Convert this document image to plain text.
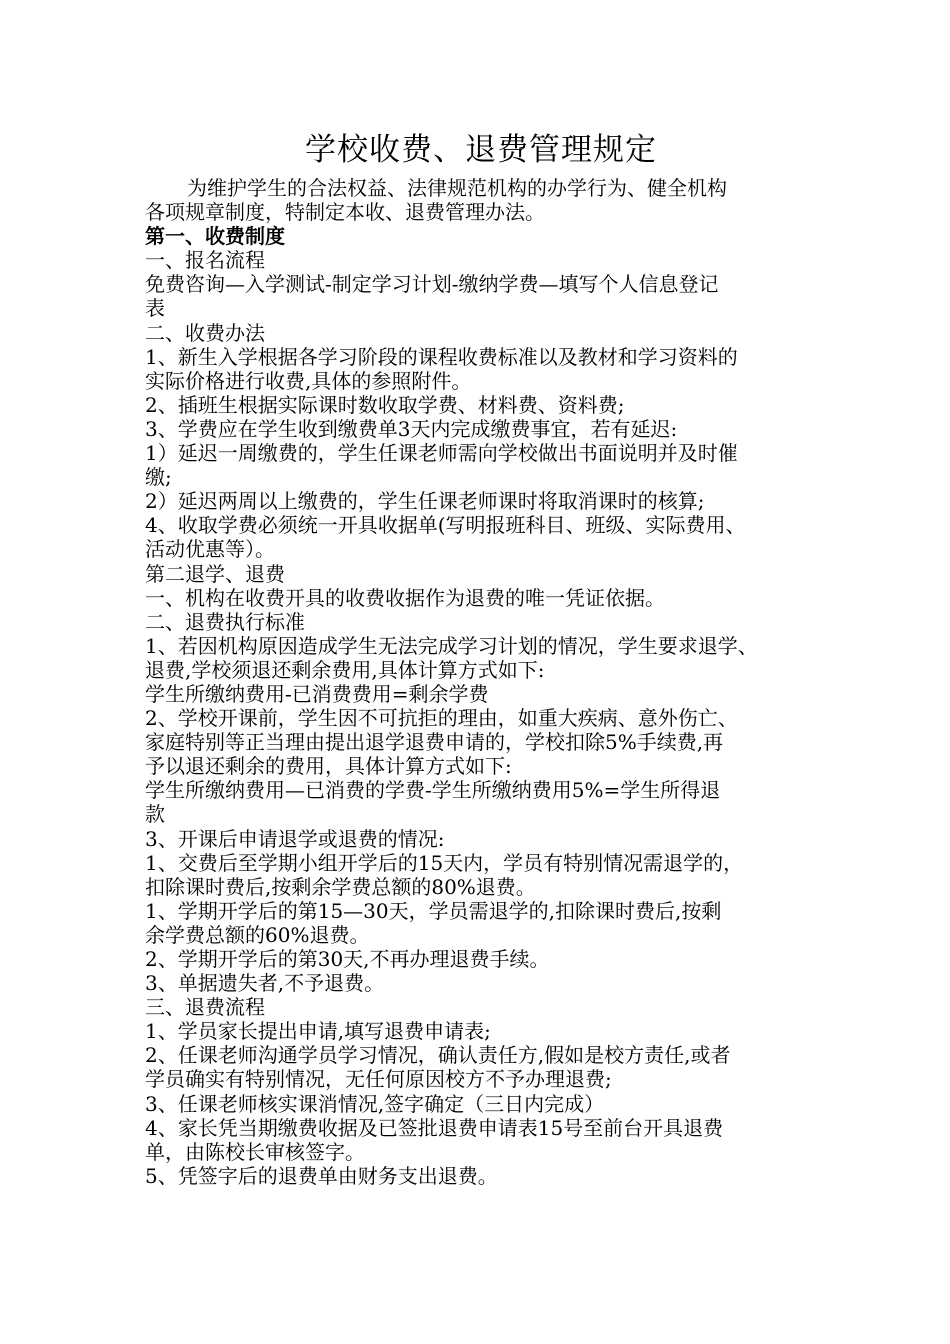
学校收费、退费管理规定

为维护学生的合法权益、法律规范机构的办学行为、健全机构

各项规章制度，特制定本收、退费管理办法。

第一、收费制度

一、报名流程

免费咨询—入学测试-制定学习计划-缴纳学费—填写个人信息登记

表

二、收费办法

1、新生入学根据各学习阶段的课程收费标准以及教材和学习资料的

实际价格进行收费,具体的参照附件。

2、插班生根据实际课时数收取学费、材料费、资料费;

3、学费应在学生收到缴费单3天内完成缴费事宜，若有延迟:

1）延迟一周缴费的，学生任课老师需向学校做出书面说明并及时催

缴;

2）延迟两周以上缴费的，学生任课老师课时将取消课时的核算;

4、收取学费必须统一开具收据单(写明报班科目、班级、实际费用、

活动优惠等）。

第二退学、退费

一、机构在收费开具的收费收据作为退费的唯一凭证依据。

二、退费执行标准

1、若因机构原因造成学生无法完成学习计划的情况，学生要求退学、

退费,学校须退还剩余费用,具体计算方式如下:

学生所缴纳费用-已消费费用=剩余学费

2、学校开课前，学生因不可抗拒的理由，如重大疾病、意外伤亡、

家庭特别等正当理由提出退学退费申请的，学校扣除5%手续费,再

予以退还剩余的费用，具体计算方式如下:

学生所缴纳费用—已消费的学费-学生所缴纳费用5%=学生所得退

款

3、开课后申请退学或退费的情况:

1、交费后至学期小组开学后的15天内，学员有特别情况需退学的，

扣除课时费后,按剩余学费总额的80%退费。

1、学期开学后的第15—30天，学员需退学的,扣除课时费后,按剩

余学费总额的60%退费。

2、学期开学后的第30天,不再办理退费手续。

3、单据遗失者,不予退费。

三、退费流程

1、学员家长提出申请,填写退费申请表;

2、任课老师沟通学员学习情况，确认责任方,假如是校方责任,或者

学员确实有特别情况，无任何原因校方不予办理退费;

3、任课老师核实课消情况,签字确定（三日内完成）

4、家长凭当期缴费收据及已签批退费申请表15号至前台开具退费

单，由陈校长审核签字。

5、凭签字后的退费单由财务支出退费。
